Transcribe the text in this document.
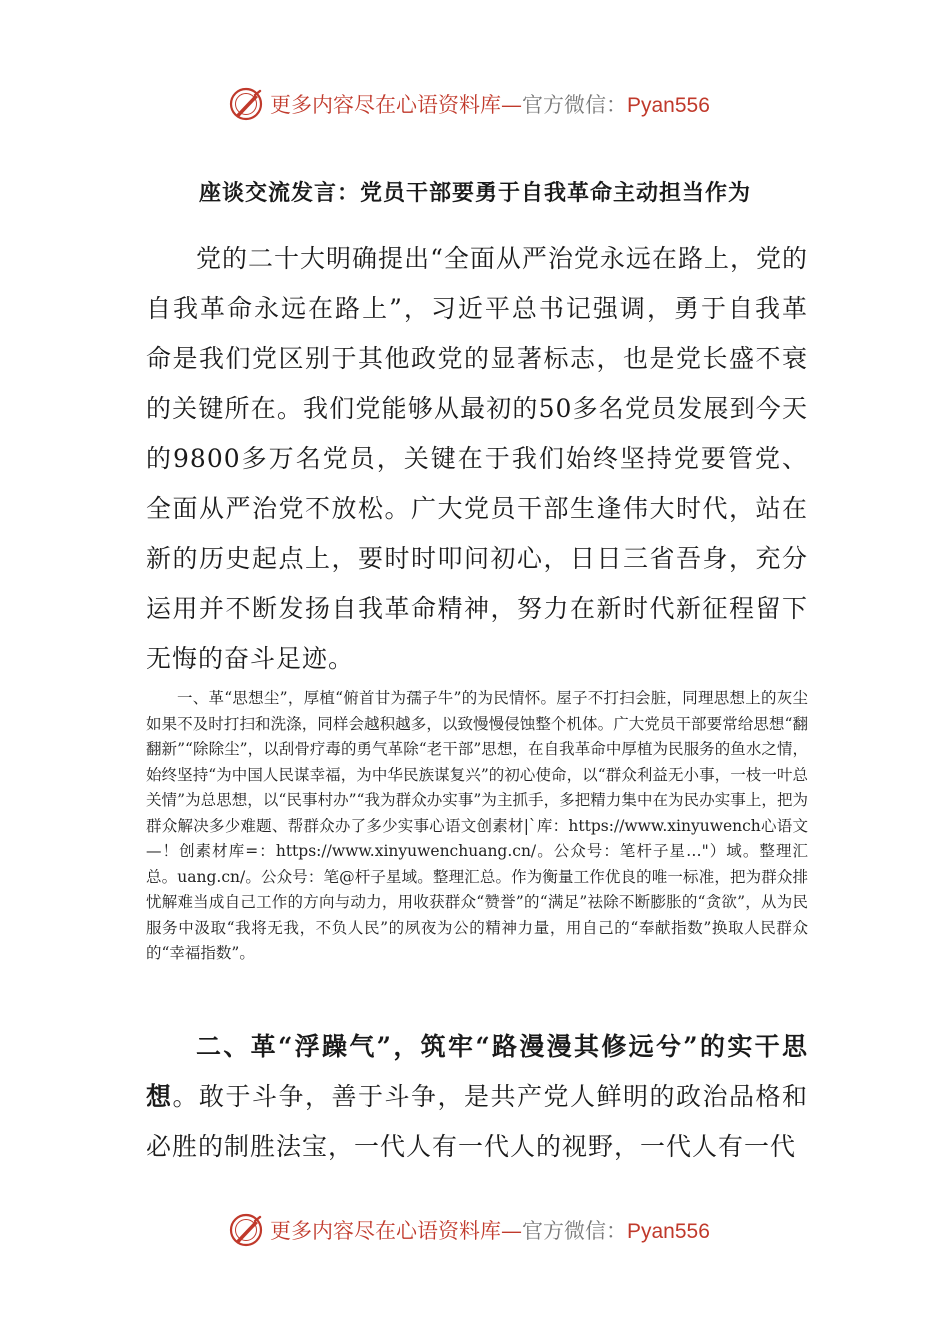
更多内容尽在心语资料库—官方微信：Pyan556
座谈交流发言：党员干部要勇于自我革命主动担当作为

党的二十大明确提出“全面从严治党永远在路上，党的自我革命永远在路上”，习近平总书记强调，勇于自我革命是我们党区别于其他政党的显著标志，也是党长盛不衰的关键所在。我们党能够从最初的50多名党员发展到今天的9800多万名党员，关键在于我们始终坚持党要管党、全面从严治党不放松。广大党员干部生逢伟大时代，站在新的历史起点上，要时时叩问初心，日日三省吾身，充分运用并不断发扬自我革命精神，努力在新时代新征程留下无悔的奋斗足迹。

一、革“思想尘”，厚植“俯首甘为孺子牛”的为民情怀。屋子不打扫会脏，同理思想上的灰尘如果不及时打扫和洗涤，同样会越积越多，以致慢慢侵蚀整个机体。广大党员干部要常给思想“翻翻新”“除除尘”，以刮骨疗毒的勇气革除“老干部”思想，在自我革命中厚植为民服务的鱼水之情，始终坚持“为中国人民谋幸福，为中华民族谋复兴”的初心使命，以“群众利益无小事，一枝一叶总关情”为总思想，以“民事村办”“我为群众办实事”为主抓手，多把精力集中在为民办实事上，把为群众解决多少难题、帮群众办了多少实事心语文创素材|`库：https://www.xinyuwench心语文—！创素材库=：https://www.xinyuwenchuang.cn/。公众号：笔杆子星…"）域。整理汇总。uang.cn/。公众号：笔@杆子星域。整理汇总。作为衡量工作优良的唯一标准，把为群众排忧解难当成自己工作的方向与动力，用收获群众“赞誉”的“满足”祛除不断膨胀的“贪欲”，从为民服务中汲取“我将无我，不负人民”的夙夜为公的精神力量，用自己的“奉献指数”换取人民群众的“幸福指数”。

二、革“浮躁气”，筑牢“路漫漫其修远兮”的实干思想。敢于斗争，善于斗争，是共产党人鲜明的政治品格和必胜的制胜法宝，一代人有一代人的视野，一代人有一代

更多内容尽在心语资料库—官方微信：Pyan556
